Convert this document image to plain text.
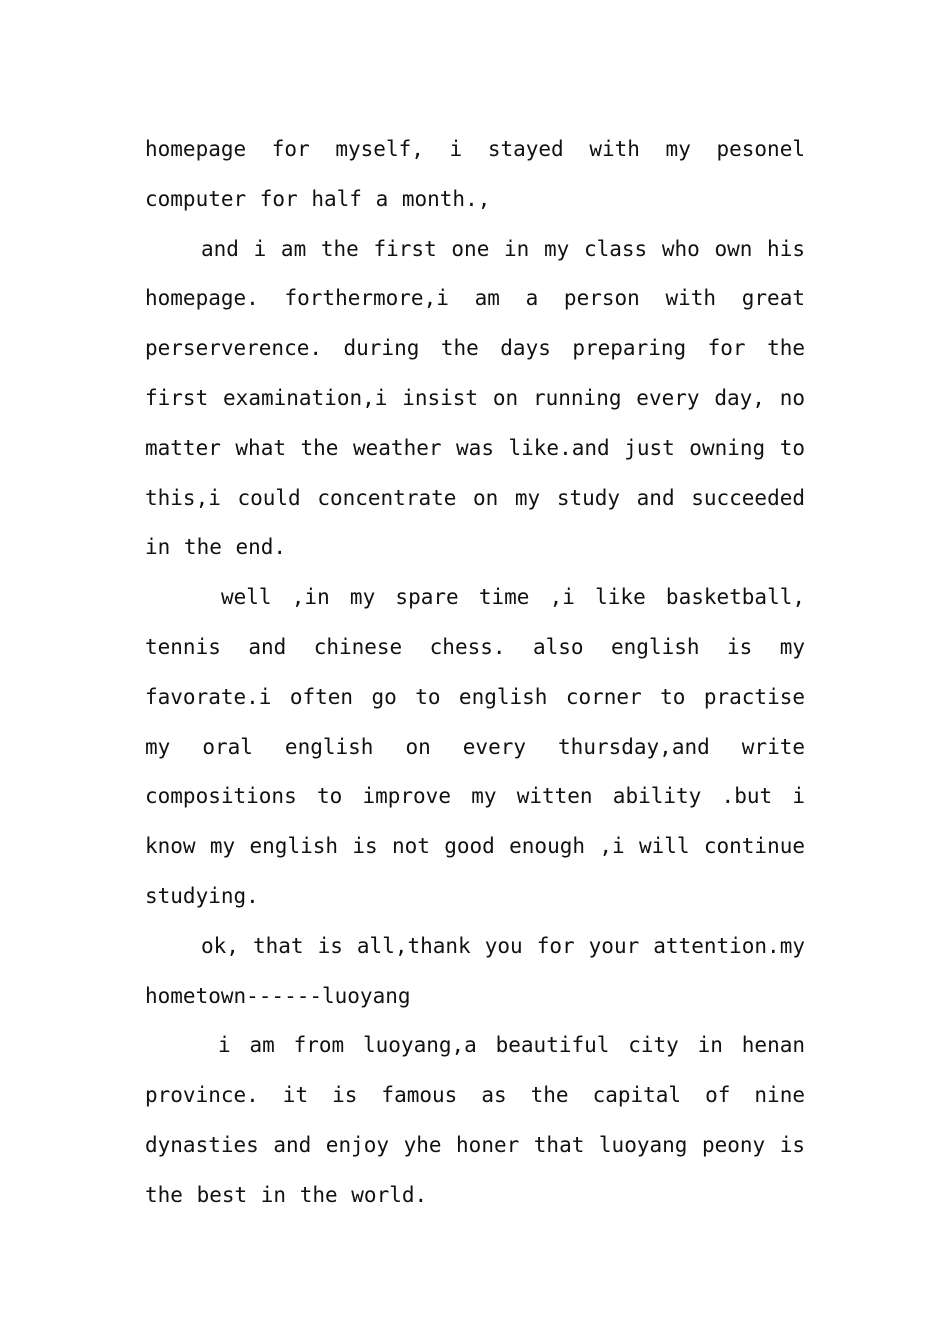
homepage for myself, i stayed with my pesonel computer for half a month.,

and i am the first one in my class who own his homepage. forthermore,i am a person with great perserverence. during the days preparing for the first examination,i insist on running every day, no matter what the weather was like.and just owning to this,i could concentrate on my study and succeeded in the end.

well ,in my spare time ,i like basketball, tennis and chinese chess. also english is my favorate.i often go to english corner to practise my oral english on every thursday,and write compositions to improve my witten ability .but i know my english is not good enough ,i will continue studying.

ok, that is all,thank you for your attention.my hometown------luoyang

i am from luoyang,a beautiful city in henan province. it is famous as the capital of nine dynasties and enjoy yhe honer that luoyang peony is the best in the world.
